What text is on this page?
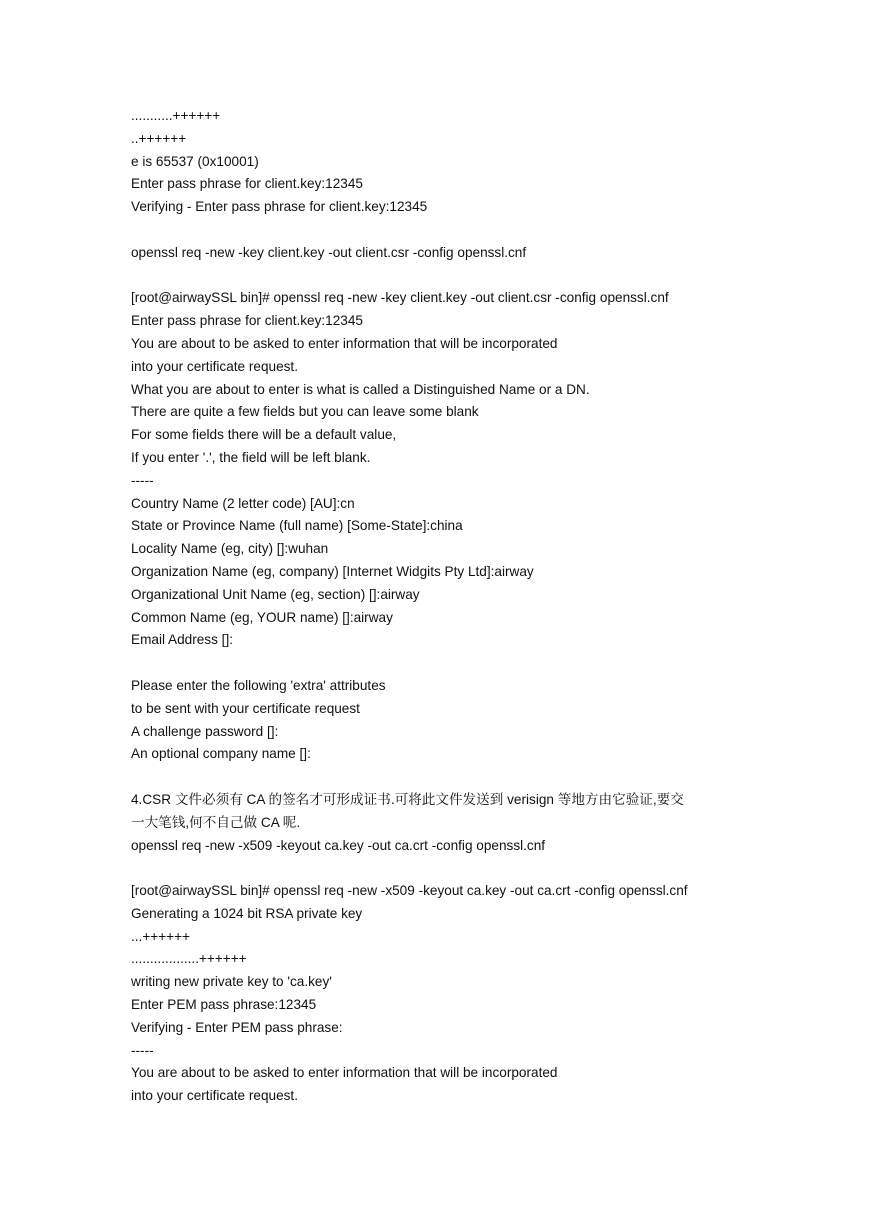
...........++++++
..++++++
e is 65537 (0x10001)
Enter pass phrase for client.key:12345
Verifying - Enter pass phrase for client.key:12345
openssl req -new -key client.key -out client.csr -config openssl.cnf
[root@airwaySSL bin]# openssl req -new -key client.key -out client.csr -config openssl.cnf
Enter pass phrase for client.key:12345
You are about to be asked to enter information that will be incorporated
into your certificate request.
What you are about to enter is what is called a Distinguished Name or a DN.
There are quite a few fields but you can leave some blank
For some fields there will be a default value,
If you enter '.', the field will be left blank.
-----
Country Name (2 letter code) [AU]:cn
State or Province Name (full name) [Some-State]:china
Locality Name (eg, city) []:wuhan
Organization Name (eg, company) [Internet Widgits Pty Ltd]:airway
Organizational Unit Name (eg, section) []:airway
Common Name (eg, YOUR name) []:airway
Email Address []:
Please enter the following 'extra' attributes
to be sent with your certificate request
A challenge password []:
An optional company name []:
4.CSR 文件必须有 CA 的签名才可形成证书.可将此文件发送到 verisign 等地方由它验证,要交
一大笔钱,何不自己做 CA 呢.
openssl req -new -x509 -keyout ca.key -out ca.crt -config openssl.cnf
[root@airwaySSL bin]# openssl req -new -x509 -keyout ca.key -out ca.crt -config openssl.cnf
Generating a 1024 bit RSA private key
...++++++
..................++++++
writing new private key to 'ca.key'
Enter PEM pass phrase:12345
Verifying - Enter PEM pass phrase:
-----
You are about to be asked to enter information that will be incorporated
into your certificate request.
